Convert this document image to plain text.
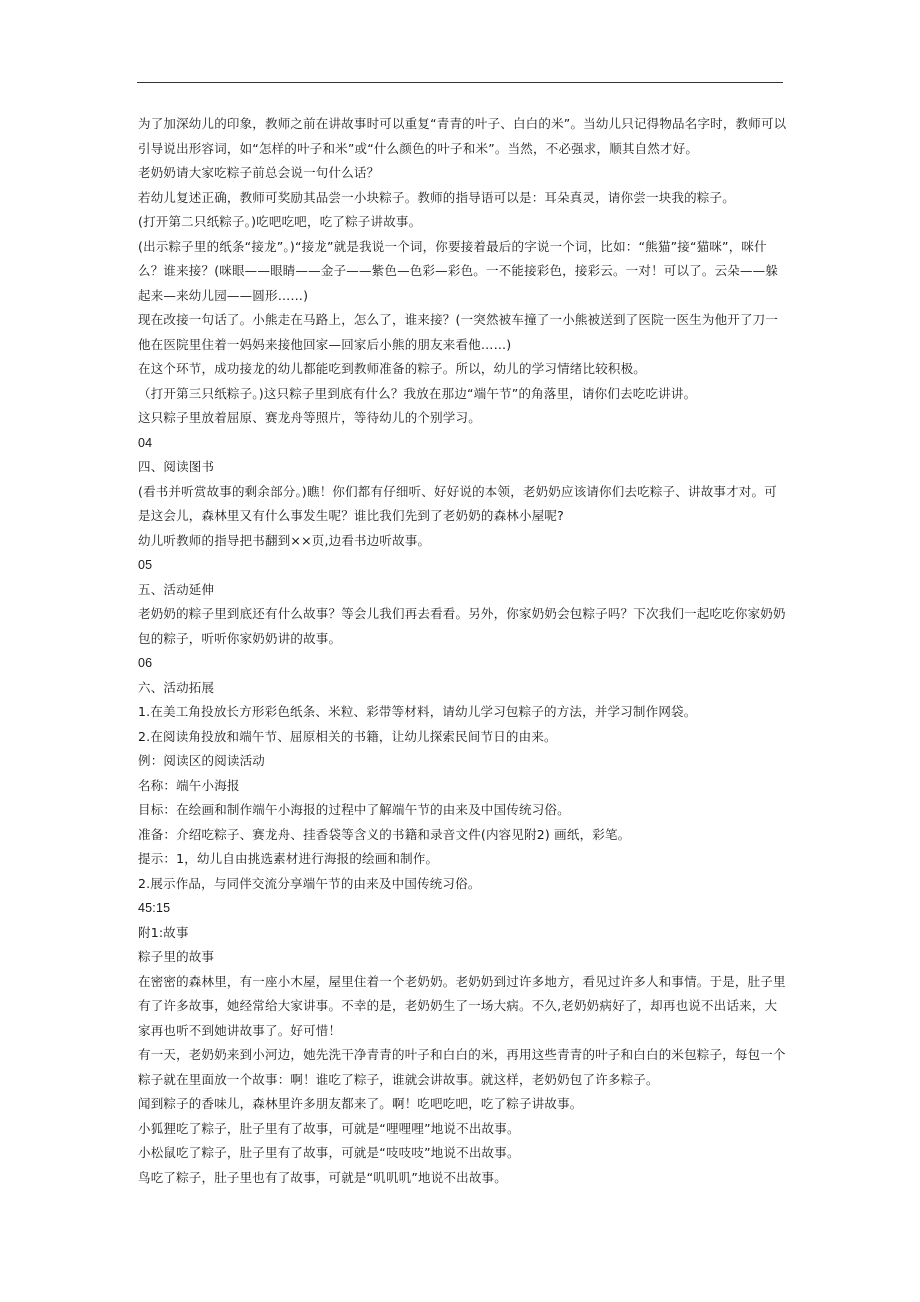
为了加深幼儿的印象，教师之前在讲故事时可以重复“青青的叶子、白白的米”。当幼儿只记得物品名字时，教师可以引导说出形容词，如“怎样的叶子和米”或“什么颜色的叶子和米”。当然，不必强求，顺其自然才好。

老奶奶请大家吃粽子前总会说一句什么话？

若幼儿复述正确，教师可奖励其品尝一小块粽子。教师的指导语可以是：耳朵真灵，请你尝一块我的粽子。

(打开第二只纸粽子。)吃吧吃吧，吃了粽子讲故事。

(出示粽子里的纸条“接龙”。)“接龙”就是我说一个词，你要接着最后的字说一个词，比如：“熊猫”接“猫咪”，咪什么？谁来接？(咪眼——眼睛——金子——紫色—色彩—彩色。一不能接彩色，接彩云。一对！可以了。云朵——躲起来—来幼儿园——圆形……)

现在改接一句话了。小熊走在马路上，怎么了，谁来接？(一突然被车撞了一小熊被送到了医院一医生为他开了刀一他在医院里住着一妈妈来接他回家—回家后小熊的朋友来看他……)

在这个环节，成功接龙的幼儿都能吃到教师准备的粽子。所以，幼儿的学习情绪比较积极。

（打开第三只纸粽子。)这只粽子里到底有什么？我放在那边“端午节”的角落里，请你们去吃吃讲讲。

这只粽子里放着屈原、赛龙舟等照片，等待幼儿的个别学习。

04

四、阅读图书

(看书并听赏故事的剩余部分。)瞧！你们都有仔细听、好好说的本领，老奶奶应该请你们去吃粽子、讲故事才对。可是这会儿，森林里又有什么事发生呢？谁比我们先到了老奶奶的森林小屋呢?

幼儿听教师的指导把书翻到××页,边看书边听故事。

05

五、活动延伸

老奶奶的粽子里到底还有什么故事？等会儿我们再去看看。另外，你家奶奶会包粽子吗？下次我们一起吃吃你家奶奶包的粽子，听听你家奶奶讲的故事。

06

六、活动拓展

1.在美工角投放长方形彩色纸条、米粒、彩带等材料，请幼儿学习包粽子的方法，并学习制作网袋。

2.在阅读角投放和端午节、屈原相关的书籍，让幼儿探索民间节日的由来。

例：阅读区的阅读活动

名称：端午小海报

目标：在绘画和制作端午小海报的过程中了解端午节的由来及中国传统习俗。

准备：介绍吃粽子、赛龙舟、挂香袋等含义的书籍和录音文件(内容见附2) 画纸，彩笔。

提示：1，幼儿自由挑选素材进行海报的绘画和制作。

2.展示作品，与同伴交流分享端午节的由来及中国传统习俗。

45:15

附1:故事

粽子里的故事

在密密的森林里，有一座小木屋，屋里住着一个老奶奶。老奶奶到过许多地方，看见过许多人和事情。于是，肚子里有了许多故事，她经常给大家讲事。不幸的是，老奶奶生了一场大病。不久,老奶奶病好了，却再也说不出话来，大家再也听不到她讲故事了。好可惜！

有一天，老奶奶来到小河边，她先洗干净青青的叶子和白白的米，再用这些青青的叶子和白白的米包粽子，每包一个粽子就在里面放一个故事：啊！谁吃了粽子，谁就会讲故事。就这样，老奶奶包了许多粽子。

闻到粽子的香味儿，森林里许多朋友都来了。啊！吃吧吃吧，吃了粽子讲故事。

小狐狸吃了粽子，肚子里有了故事，可就是“哩哩哩”地说不出故事。

小松鼠吃了粽子，肚子里有了故事，可就是“吱吱吱”地说不出故事。

鸟吃了粽子，肚子里也有了故事，可就是“叽叽叽”地说不出故事。
